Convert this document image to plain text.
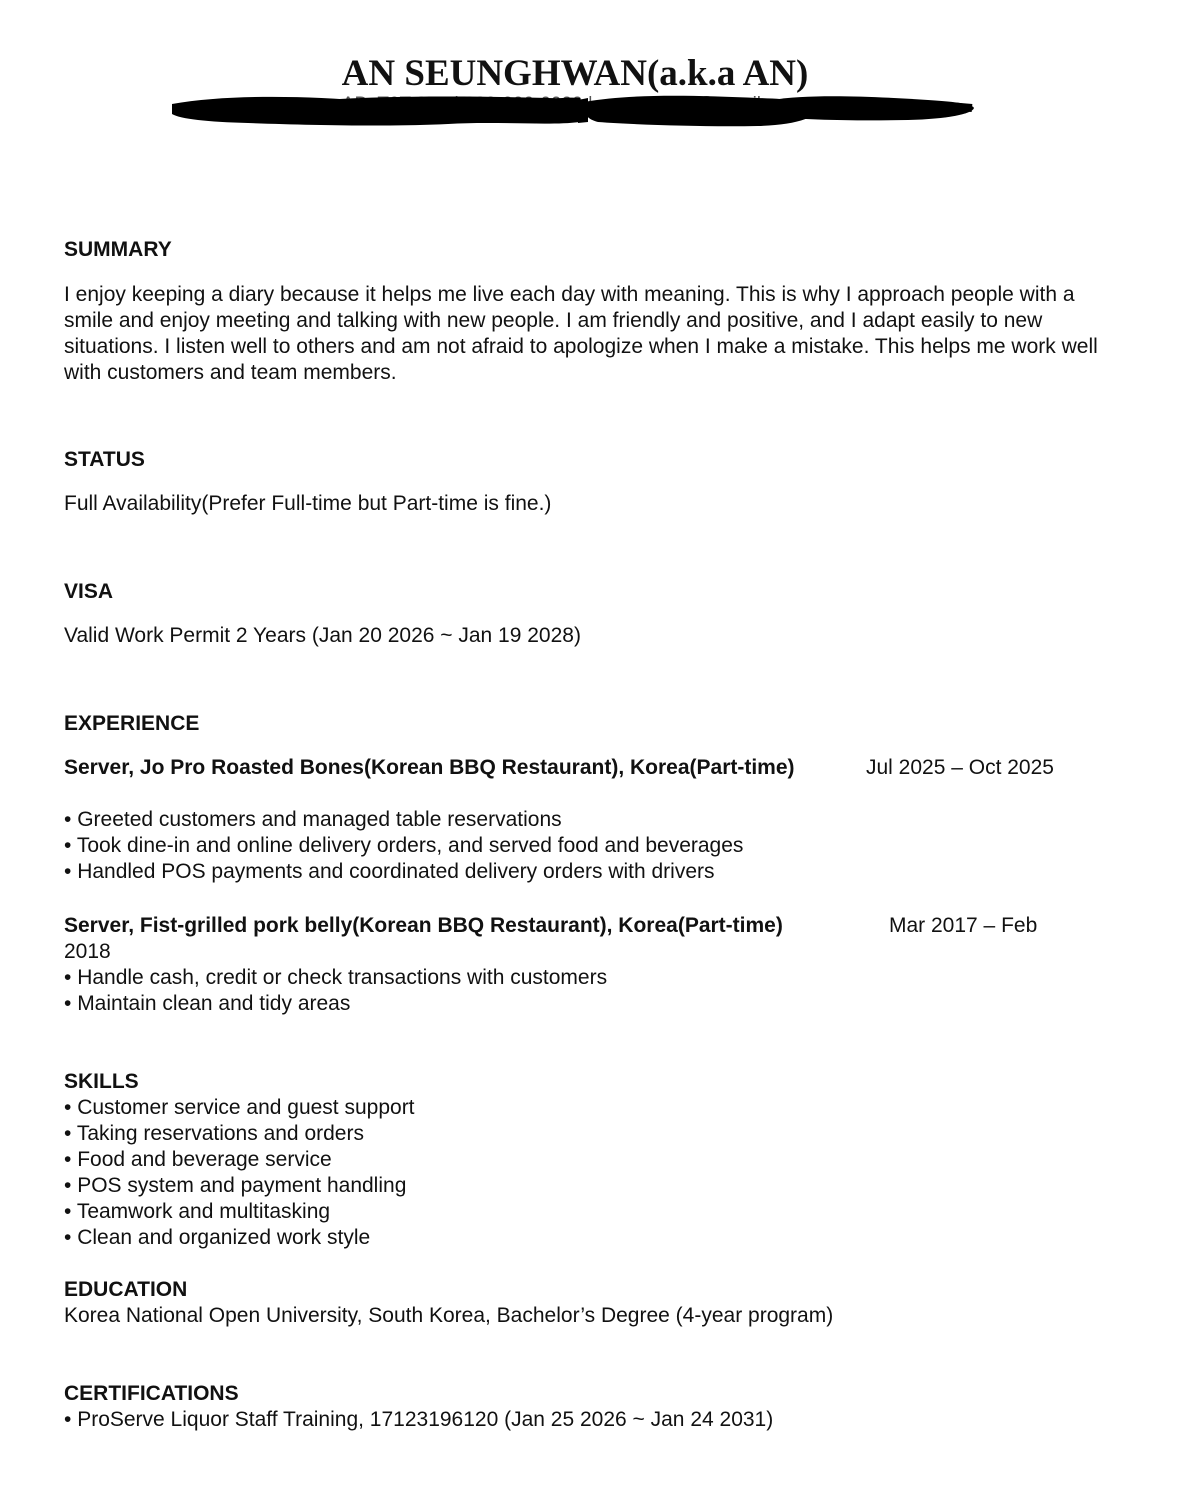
AN SEUNGHWAN(a.k.a AN)
SUMMARY

I enjoy keeping a diary because it helps me live each day with meaning. This is why I approach people with a smile and enjoy meeting and talking with new people. I am friendly and positive, and I adapt easily to new situations. I listen well to others and am not afraid to apologize when I make a mistake. This helps me work well with customers and team members.

STATUS

Full Availability(Prefer Full-time but Part-time is fine.)

VISA

Valid Work Permit 2 Years (Jan 20 2026 ~ Jan 19 2028)

EXPERIENCE
Server, Jo Pro Roasted Bones(Korean BBQ Restaurant), Korea(Part-time)	Jul 2025 – Oct 2025
• Greeted customers and managed table reservations
• Took dine-in and online delivery orders, and served food and beverages
• Handled POS payments and coordinated delivery orders with drivers
Server, Fist-grilled pork belly(Korean BBQ Restaurant), Korea(Part-time)	Mar 2017 – Feb
2018
• Handle cash, credit or check transactions with customers
• Maintain clean and tidy areas
SKILLS
• Customer service and guest support
• Taking reservations and orders
• Food and beverage service
• POS system and payment handling
• Teamwork and multitasking
• Clean and organized work style
EDUCATION

Korea National Open University, South Korea, Bachelor’s Degree (4-year program)

CERTIFICATIONS
• ProServe Liquor Staff Training, 17123196120 (Jan 25 2026 ~ Jan 24 2031)
